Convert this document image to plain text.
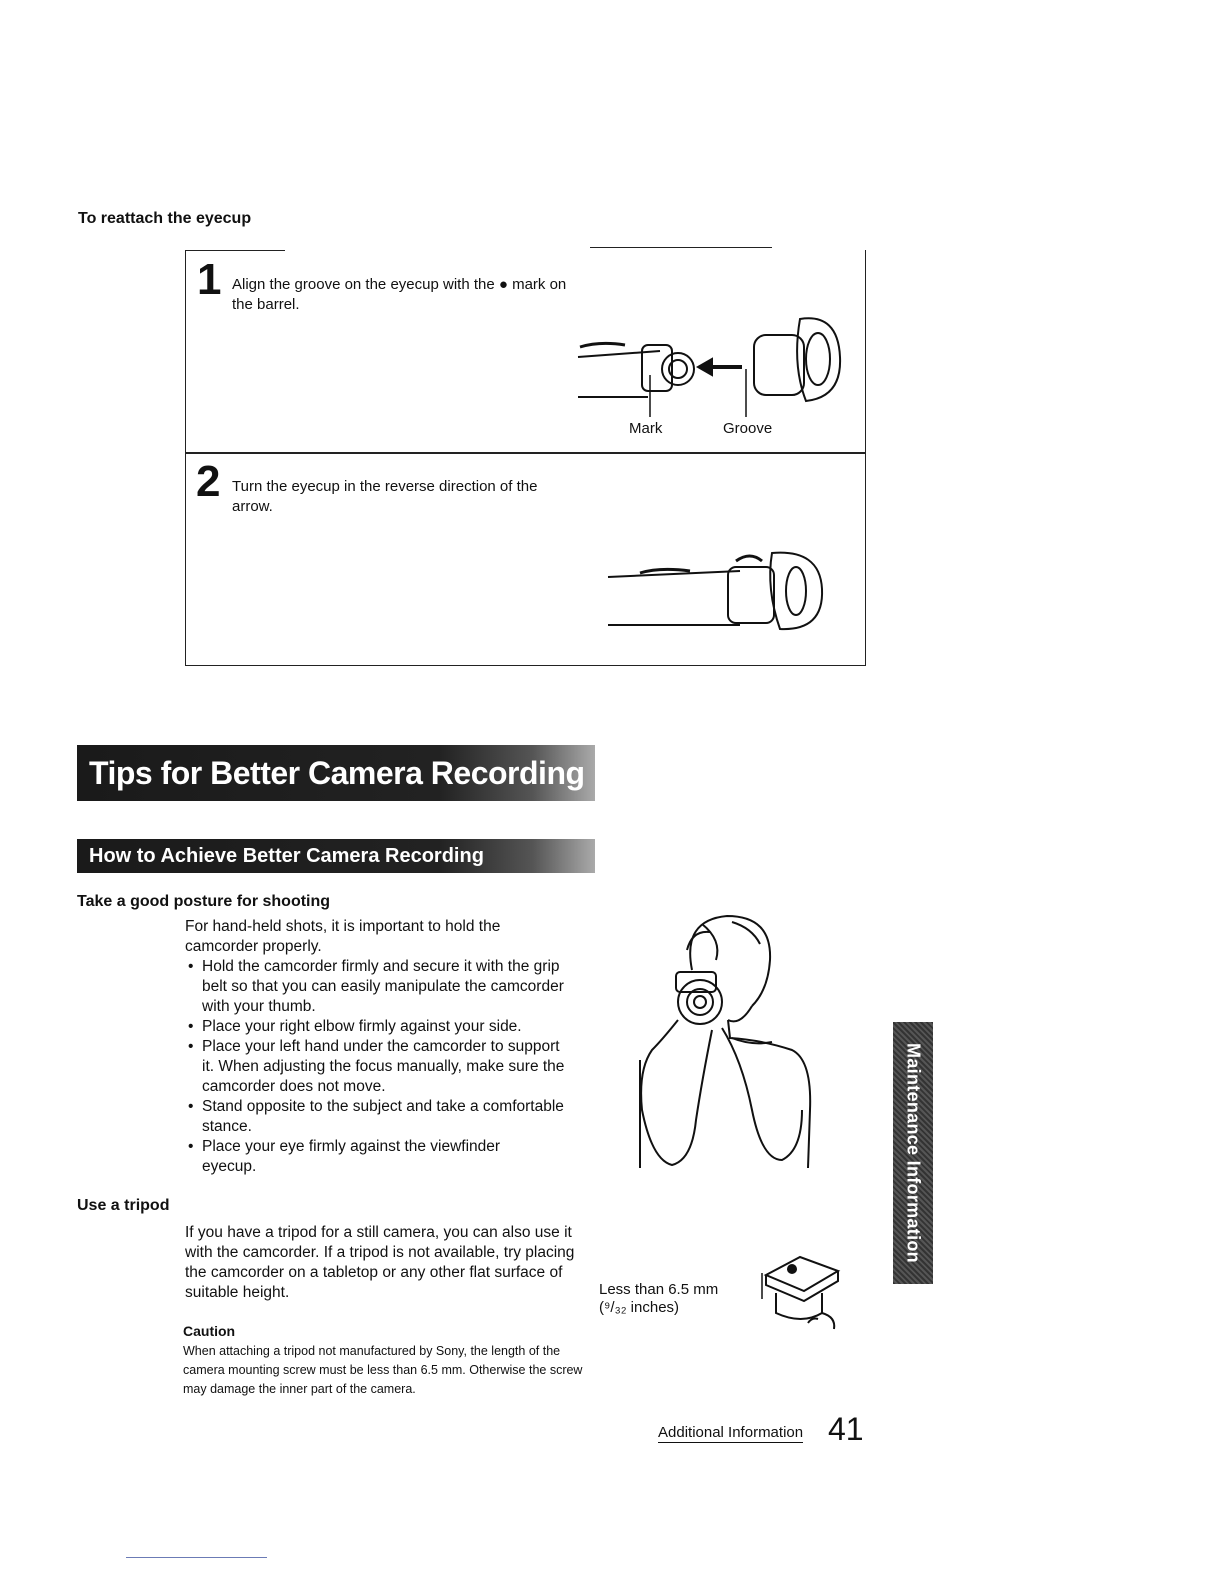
To reattach the eyecup
1 Align the groove on the eyecup with the ● mark on the barrel.
Mark	Groove
2 Turn the eyecup in the reverse direction of the arrow.
Tips for Better Camera Recording
How to Achieve Better Camera Recording
Take a good posture for shooting
For hand-held shots, it is important to hold the camcorder properly.
• Hold the camcorder firmly and secure it with the grip belt so that you can easily manipulate the camcorder with your thumb.
• Place your right elbow firmly against your side.
• Place your left hand under the camcorder to support it. When adjusting the focus manually, make sure the camcorder does not move.
• Stand opposite to the subject and take a comfortable stance.
• Place your eye firmly against the viewfinder eyecup.
Use a tripod
If you have a tripod for a still camera, you can also use it with the camcorder. If a tripod is not available, try placing the camcorder on a tabletop or any other flat surface of suitable height.
Caution
When attaching a tripod not manufactured by Sony, the length of the camera mounting screw must be less than 6.5 mm. Otherwise the screw may damage the inner part of the camera.
Less than 6.5 mm
(⁹/₃₂ inches)
Maintenance Information
Additional Information 41
